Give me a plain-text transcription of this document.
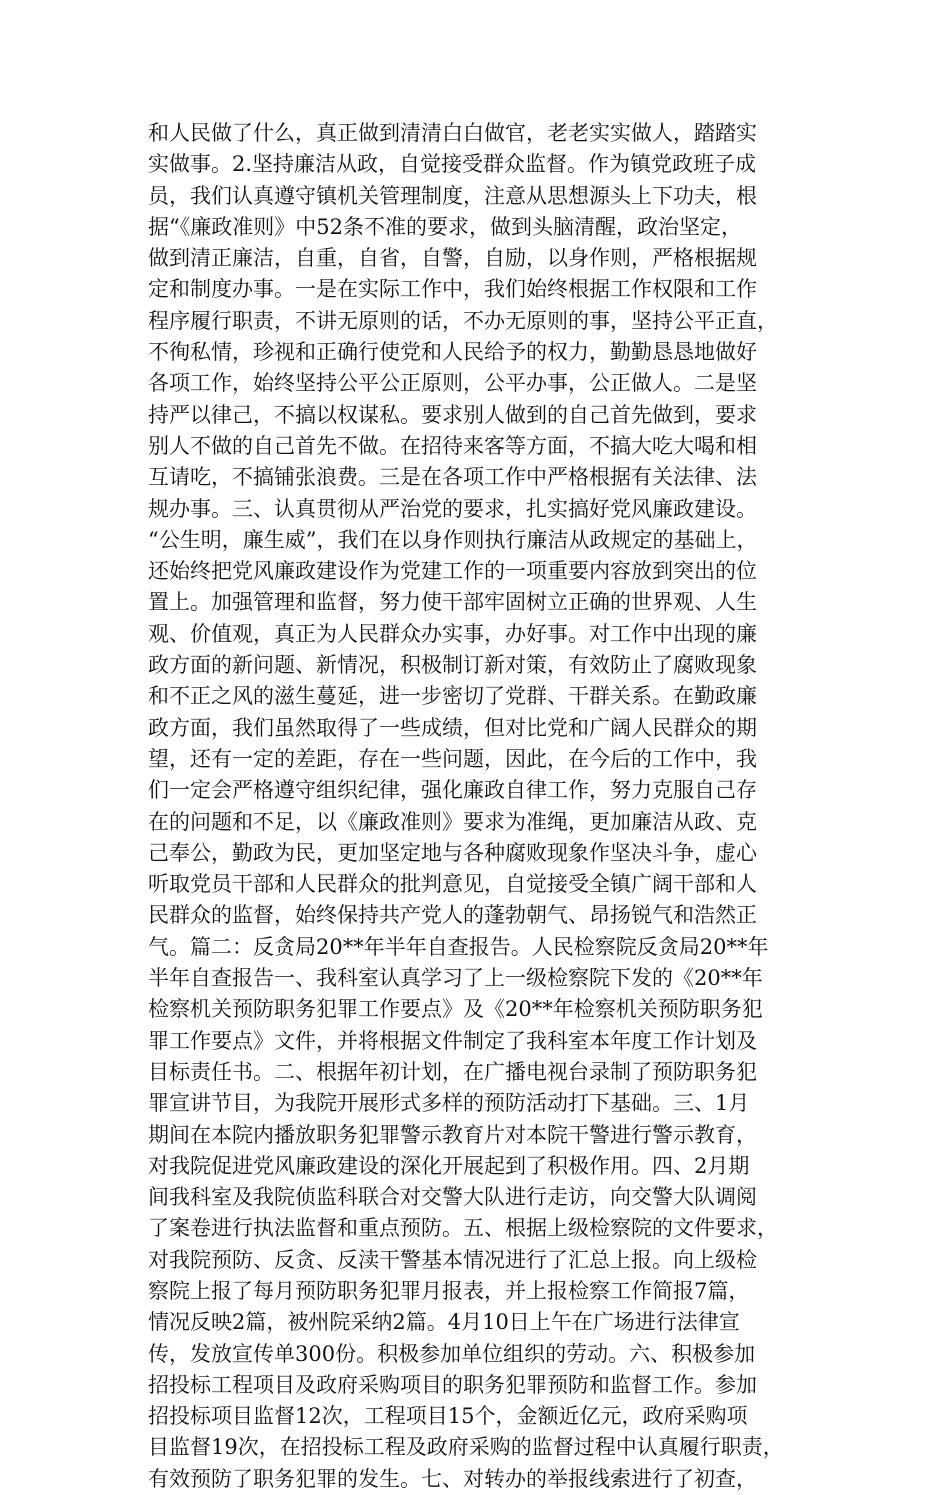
和人民做了什么，真正做到清清白白做官，老老实实做人，踏踏实
实做事。2.坚持廉洁从政，自觉接受群众监督。作为镇党政班子成
员，我们认真遵守镇机关管理制度，注意从思想源头上下功夫，根
据“《廉政准则》中52条不准的要求，做到头脑清醒，政治坚定，
做到清正廉洁，自重，自省，自警，自励，以身作则，严格根据规
定和制度办事。一是在实际工作中，我们始终根据工作权限和工作
程序履行职责，不讲无原则的话，不办无原则的事，坚持公平正直，
不徇私情，珍视和正确行使党和人民给予的权力，勤勤恳恳地做好
各项工作，始终坚持公平公正原则，公平办事，公正做人。二是坚
持严以律己，不搞以权谋私。要求别人做到的自己首先做到，要求
别人不做的自己首先不做。在招待来客等方面，不搞大吃大喝和相
互请吃，不搞铺张浪费。三是在各项工作中严格根据有关法律、法
规办事。三、认真贯彻从严治党的要求，扎实搞好党风廉政建设。
“公生明，廉生威”，我们在以身作则执行廉洁从政规定的基础上，
还始终把党风廉政建设作为党建工作的一项重要内容放到突出的位
置上。加强管理和监督，努力使干部牢固树立正确的世界观、人生
观、价值观，真正为人民群众办实事，办好事。对工作中出现的廉
政方面的新问题、新情况，积极制订新对策，有效防止了腐败现象
和不正之风的滋生蔓延，进一步密切了党群、干群关系。在勤政廉
政方面，我们虽然取得了一些成绩，但对比党和广阔人民群众的期
望，还有一定的差距，存在一些问题，因此，在今后的工作中，我
们一定会严格遵守组织纪律，强化廉政自律工作，努力克服自己存
在的问题和不足，以《廉政准则》要求为准绳，更加廉洁从政、克
己奉公，勤政为民，更加坚定地与各种腐败现象作坚决斗争，虚心
听取党员干部和人民群众的批判意见，自觉接受全镇广阔干部和人
民群众的监督，始终保持共产党人的蓬勃朝气、昂扬锐气和浩然正
气。篇二：反贪局20**年半年自查报告。人民检察院反贪局20**年
半年自查报告一、我科室认真学习了上一级检察院下发的《20**年
检察机关预防职务犯罪工作要点》及《20**年检察机关预防职务犯
罪工作要点》文件，并将根据文件制定了我科室本年度工作计划及
目标责任书。二、根据年初计划，在广播电视台录制了预防职务犯
罪宣讲节目，为我院开展形式多样的预防活动打下基础。三、1月
期间在本院内播放职务犯罪警示教育片对本院干警进行警示教育，
对我院促进党风廉政建设的深化开展起到了积极作用。四、2月期
间我科室及我院侦监科联合对交警大队进行走访，向交警大队调阅
了案卷进行执法监督和重点预防。五、根据上级检察院的文件要求，
对我院预防、反贪、反渎干警基本情况进行了汇总上报。向上级检
察院上报了每月预防职务犯罪月报表，并上报检察工作简报7篇，
情况反映2篇，被州院采纳2篇。4月10日上午在广场进行法律宣
传，发放宣传单300份。积极参加单位组织的劳动。六、积极参加
招投标工程项目及政府采购项目的职务犯罪预防和监督工作。参加
招投标项目监督12次，工程项目15个，金额近亿元，政府采购项
目监督19次，在招投标工程及政府采购的监督过程中认真履行职责，
有效预防了职务犯罪的发生。七、对转办的举报线索进行了初查，
